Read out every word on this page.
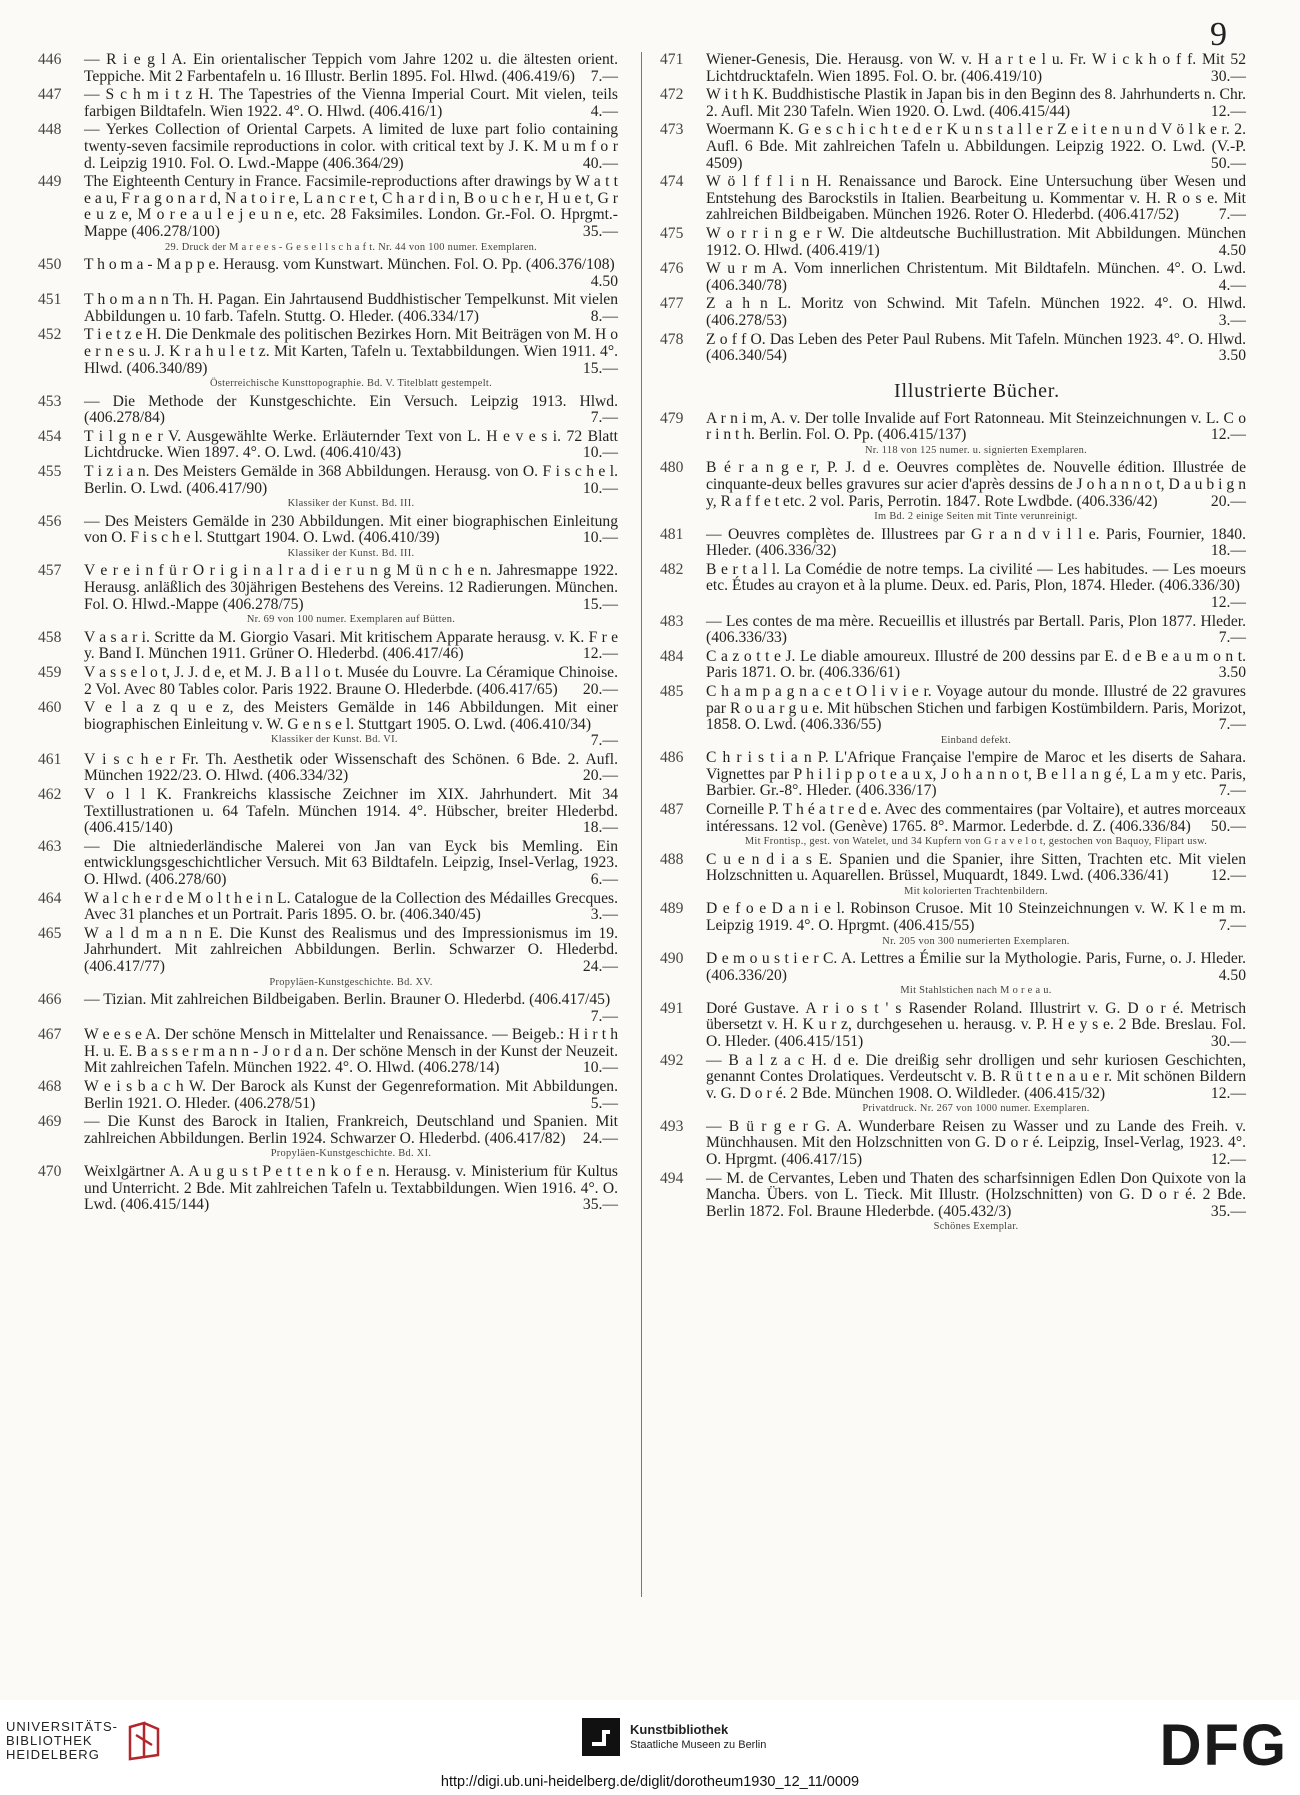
9
446	— R i e g l A. Ein orientalischer Teppich vom Jahre 1202 u. die ältesten orient. Teppiche. Mit 2 Farbentafeln u. 16 Illustr. Berlin 1895. Fol. Hlwd. (406.419/6)	7.—
447	— S c h m i t z H. The Tapestries of the Vienna Imperial Court. Mit vielen, teils farbigen Bildtafeln. Wien 1922. 4°. O. Hlwd. (406.416/1)	4.—
448	— Yerkes Collection of Oriental Carpets. A limited de luxe part folio containing twenty-seven facsimile reproductions in color. with critical text by J. K. M u m f o r d. Leipzig 1910. Fol. O. Lwd.-Mappe (406.364/29)	40.—
449	The Eighteenth Century in France. Facsimile-reproductions after drawings by W a t t e a u, F r a g o n a r d, N a t o i r e, L a n c r e t, C h a r d i n, B o u c h e r, H u e t, G r e u z e, M o r e a u l e j e u n e, etc. 28 Faksimiles. London. Gr.-Fol. O. Hprgmt.-Mappe (406.278/100)	35.—
29. Druck der M a r e e s - G e s e l l s c h a f t. Nr. 44 von 100 numer. Exemplaren.
450	T h o m a - M a p p e. Herausg. vom Kunstwart. München. Fol. O. Pp. (406.376/108)
4.50
451	T h o m a n n Th. H. Pagan. Ein Jahrtausend Buddhistischer Tempelkunst. Mit vielen Abbildungen u. 10 farb. Tafeln. Stuttg. O. Hleder. (406.334/17)	8.—
452	T i e t z e H. Die Denkmale des politischen Bezirkes Horn. Mit Beiträgen von M. H o e r n e s u. J. K r a h u l e t z. Mit Karten, Tafeln u. Textabbildungen. Wien 1911. 4°. Hlwd. (406.340/89)	15.—
Österreichische Kunsttopographie. Bd. V. Titelblatt gestempelt.
453	— Die Methode der Kunstgeschichte. Ein Versuch. Leipzig 1913. Hlwd. (406.278/84)	7.—
454	T i l g n e r V. Ausgewählte Werke. Erläuternder Text von L. H e v e s i. 72 Blatt Lichtdrucke. Wien 1897. 4°. O. Lwd. (406.410/43)	10.—
455	T i z i a n. Des Meisters Gemälde in 368 Abbildungen. Herausg. von O. F i s c h e l. Berlin. O. Lwd. (406.417/90)	10.—
Klassiker der Kunst. Bd. III.
456	— Des Meisters Gemälde in 230 Abbildungen. Mit einer biographischen Einleitung von O. F i s c h e l. Stuttgart 1904. O. Lwd. (406.410/39)	10.—
Klassiker der Kunst. Bd. III.
457	V e r e i n f ü r O r i g i n a l r a d i e r u n g M ü n c h e n. Jahresmappe 1922. Herausg. anläßlich des 30jährigen Bestehens des Vereins. 12 Radierungen. München. Fol. O. Hlwd.-Mappe (406.278/75)	15.—
Nr. 69 von 100 numer. Exemplaren auf Bütten.
458	V a s a r i. Scritte da M. Giorgio Vasari. Mit kritischem Apparate herausg. v. K. F r e y. Band I. München 1911. Grüner O. Hlederbd. (406.417/46)	12.—
459	V a s s e l o t, J. J. d e, et M. J. B a l l o t. Musée du Louvre. La Céramique Chinoise. 2 Vol. Avec 80 Tables color. Paris 1922. Braune O. Hlederbde. (406.417/65)	20.—
460	V e l a z q u e z, des Meisters Gemälde in 146 Abbildungen. Mit einer biographischen Einleitung v. W. G e n s e l. Stuttgart 1905. O. Lwd. (406.410/34)
7.—
Klassiker der Kunst. Bd. VI.
461	V i s c h e r Fr. Th. Aesthetik oder Wissenschaft des Schönen. 6 Bde. 2. Aufl. München 1922/23. O. Hlwd. (406.334/32)	20.—
462	V o l l K. Frankreichs klassische Zeichner im XIX. Jahrhundert. Mit 34 Textillustrationen u. 64 Tafeln. München 1914. 4°. Hübscher, breiter Hlederbd. (406.415/140)	18.—
463	— Die altniederländische Malerei von Jan van Eyck bis Memling. Ein entwicklungsgeschichtlicher Versuch. Mit 63 Bildtafeln. Leipzig, Insel-Verlag, 1923. O. Hlwd. (406.278/60)	6.—
464	W a l c h e r d e M o l t h e i n L. Catalogue de la Collection des Médailles Grecques. Avec 31 planches et un Portrait. Paris 1895. O. br. (406.340/45)	3.—
465	W a l d m a n n E. Die Kunst des Realismus und des Impressionismus im 19. Jahrhundert. Mit zahlreichen Abbildungen. Berlin. Schwarzer O. Hlederbd. (406.417/77)	24.—
Propyläen-Kunstgeschichte. Bd. XV.
466	— Tizian. Mit zahlreichen Bildbeigaben. Berlin. Brauner O. Hlederbd. (406.417/45)
7.—
467	W e e s e A. Der schöne Mensch in Mittelalter und Renaissance. — Beigeb.: H i r t h H. u. E. B a s s e r m a n n - J o r d a n. Der schöne Mensch in der Kunst der Neuzeit. Mit zahlreichen Tafeln. München 1922. 4°. O. Hlwd. (406.278/14)	10.—
468	W e i s b a c h W. Der Barock als Kunst der Gegenreformation. Mit Abbildungen. Berlin 1921. O. Hleder. (406.278/51)	5.—
469	— Die Kunst des Barock in Italien, Frankreich, Deutschland und Spanien. Mit zahlreichen Abbildungen. Berlin 1924. Schwarzer O. Hlederbd. (406.417/82)	24.—
Propyläen-Kunstgeschichte. Bd. XI.
470	Weixlgärtner A. A u g u s t P e t t e n k o f e n. Herausg. v. Ministerium für Kultus und Unterricht. 2 Bde. Mit zahlreichen Tafeln u. Textabbildungen. Wien 1916. 4°. O. Lwd. (406.415/144)	35.—
471	Wiener-Genesis, Die. Herausg. von W. v. H a r t e l u. Fr. W i c k h o f f. Mit 52 Lichtdrucktafeln. Wien 1895. Fol. O. br. (406.419/10)	30.—
472	W i t h K. Buddhistische Plastik in Japan bis in den Beginn des 8. Jahrhunderts n. Chr. 2. Aufl. Mit 230 Tafeln. Wien 1920. O. Lwd. (406.415/44)	12.—
473	Woermann K. G e s c h i c h t e d e r K u n s t a l l e r Z e i t e n u n d V ö l k e r. 2. Aufl. 6 Bde. Mit zahlreichen Tafeln u. Abbildungen. Leipzig 1922. O. Lwd. (V.-P. 4509)	50.—
474	W ö l f f l i n H. Renaissance und Barock. Eine Untersuchung über Wesen und Entstehung des Barockstils in Italien. Bearbeitung u. Kommentar v. H. R o s e. Mit zahlreichen Bildbeigaben. München 1926. Roter O. Hlederbd. (406.417/52)	7.—
475	W o r r i n g e r W. Die altdeutsche Buchillustration. Mit Abbildungen. München 1912. O. Hlwd. (406.419/1)	4.50
476	W u r m A. Vom innerlichen Christentum. Mit Bildtafeln. München. 4°. O. Lwd. (406.340/78)	4.—
477	Z a h n L. Moritz von Schwind. Mit Tafeln. München 1922. 4°. O. Hlwd. (406.278/53)	3.—
478	Z o f f O. Das Leben des Peter Paul Rubens. Mit Tafeln. München 1923. 4°. O. Hlwd. (406.340/54)	3.50
Illustrierte Bücher.
479	A r n i m, A. v. Der tolle Invalide auf Fort Ratonneau. Mit Steinzeichnungen v. L. C o r i n t h. Berlin. Fol. O. Pp. (406.415/137)	12.—
Nr. 118 von 125 numer. u. signierten Exemplaren.
480	B é r a n g e r, P. J. d e. Oeuvres complètes de. Nouvelle édition. Illustrée de cinquante-deux belles gravures sur acier d'après dessins de J o h a n n o t, D a u b i g n y, R a f f e t etc. 2 vol. Paris, Perrotin. 1847. Rote Lwdbde. (406.336/42)	20.—
Im Bd. 2 einige Seiten mit Tinte verunreinigt.
481	— Oeuvres complètes de. Illustrees par G r a n d v i l l e. Paris, Fournier, 1840. Hleder. (406.336/32)	18.—
482	B e r t a l l. La Comédie de notre temps. La civilité — Les habitudes. — Les moeurs etc. Études au crayon et à la plume. Deux. ed. Paris, Plon, 1874. Hleder. (406.336/30)
12.—
483	— Les contes de ma mère. Recueillis et illustrés par Bertall. Paris, Plon 1877. Hleder. (406.336/33)	7.—
484	C a z o t t e J. Le diable amoureux. Illustré de 200 dessins par E. d e B e a u m o n t. Paris 1871. O. br. (406.336/61)	3.50
485	C h a m p a g n a c e t O l i v i e r. Voyage autour du monde. Illustré de 22 gravures par R o u a r g u e. Mit hübschen Stichen und farbigen Kostümbildern. Paris, Morizot, 1858. O. Lwd. (406.336/55)	7.—
Einband defekt.
486	C h r i s t i a n P. L'Afrique Française l'empire de Maroc et les diserts de Sahara. Vignettes par P h i l i p p o t e a u x, J o h a n n o t, B e l l a n g é, L a m y etc. Paris, Barbier. Gr.-8°. Hleder. (406.336/17)	7.—
487	Corneille P. T h é a t r e d e. Avec des commentaires (par Voltaire), et autres morceaux intéressans. 12 vol. (Genève) 1765. 8°. Marmor. Lederbde. d. Z. (406.336/84)	50.—
Mit Frontisp., gest. von Watelet, und 34 Kupfern von G r a v e l o t, gestochen von Baquoy, Flipart usw.
488	C u e n d i a s E. Spanien und die Spanier, ihre Sitten, Trachten etc. Mit vielen Holzschnitten u. Aquarellen. Brüssel, Muquardt, 1849. Lwd. (406.336/41)	12.—
Mit kolorierten Trachtenbildern.
489	D e f o e D a n i e l. Robinson Crusoe. Mit 10 Steinzeichnungen v. W. K l e m m. Leipzig 1919. 4°. O. Hprgmt. (406.415/55)	7.—
Nr. 205 von 300 numerierten Exemplaren.
490	D e m o u s t i e r C. A. Lettres a Émilie sur la Mythologie. Paris, Furne, o. J. Hleder. (406.336/20)	4.50
Mit Stahlstichen nach M o r e a u.
491	Doré Gustave. A r i o s t ' s Rasender Roland. Illustrirt v. G. D o r é. Metrisch übersetzt v. H. K u r z, durchgesehen u. herausg. v. P. H e y s e. 2 Bde. Breslau. Fol. O. Hleder. (406.415/151)	30.—
492	— B a l z a c H. d e. Die dreißig sehr drolligen und sehr kuriosen Geschichten, genannt Contes Drolatiques. Verdeutscht v. B. R ü t t e n a u e r. Mit schönen Bildern v. G. D o r é. 2 Bde. München 1908. O. Wildleder. (406.415/32)	12.—
Privatdruck. Nr. 267 von 1000 numer. Exemplaren.
493	— B ü r g e r G. A. Wunderbare Reisen zu Wasser und zu Lande des Freih. v. Münchhausen. Mit den Holzschnitten von G. D o r é. Leipzig, Insel-Verlag, 1923. 4°. O. Hprgmt. (406.417/15)	12.—
494	— M. de Cervantes, Leben und Thaten des scharfsinnigen Edlen Don Quixote von la Mancha. Übers. von L. Tieck. Mit Illustr. (Holzschnitten) von G. D o r é. 2 Bde. Berlin 1872. Fol. Braune Hlederbde. (405.432/3)	35.—
Schönes Exemplar.
UNIVERSITÄTS-
BIBLIOTHEK
HEIDELBERG
Kunstbibliothek
Staatliche Museen zu Berlin	DFG
http://digi.ub.uni-heidelberg.de/diglit/dorotheum1930_12_11/0009
